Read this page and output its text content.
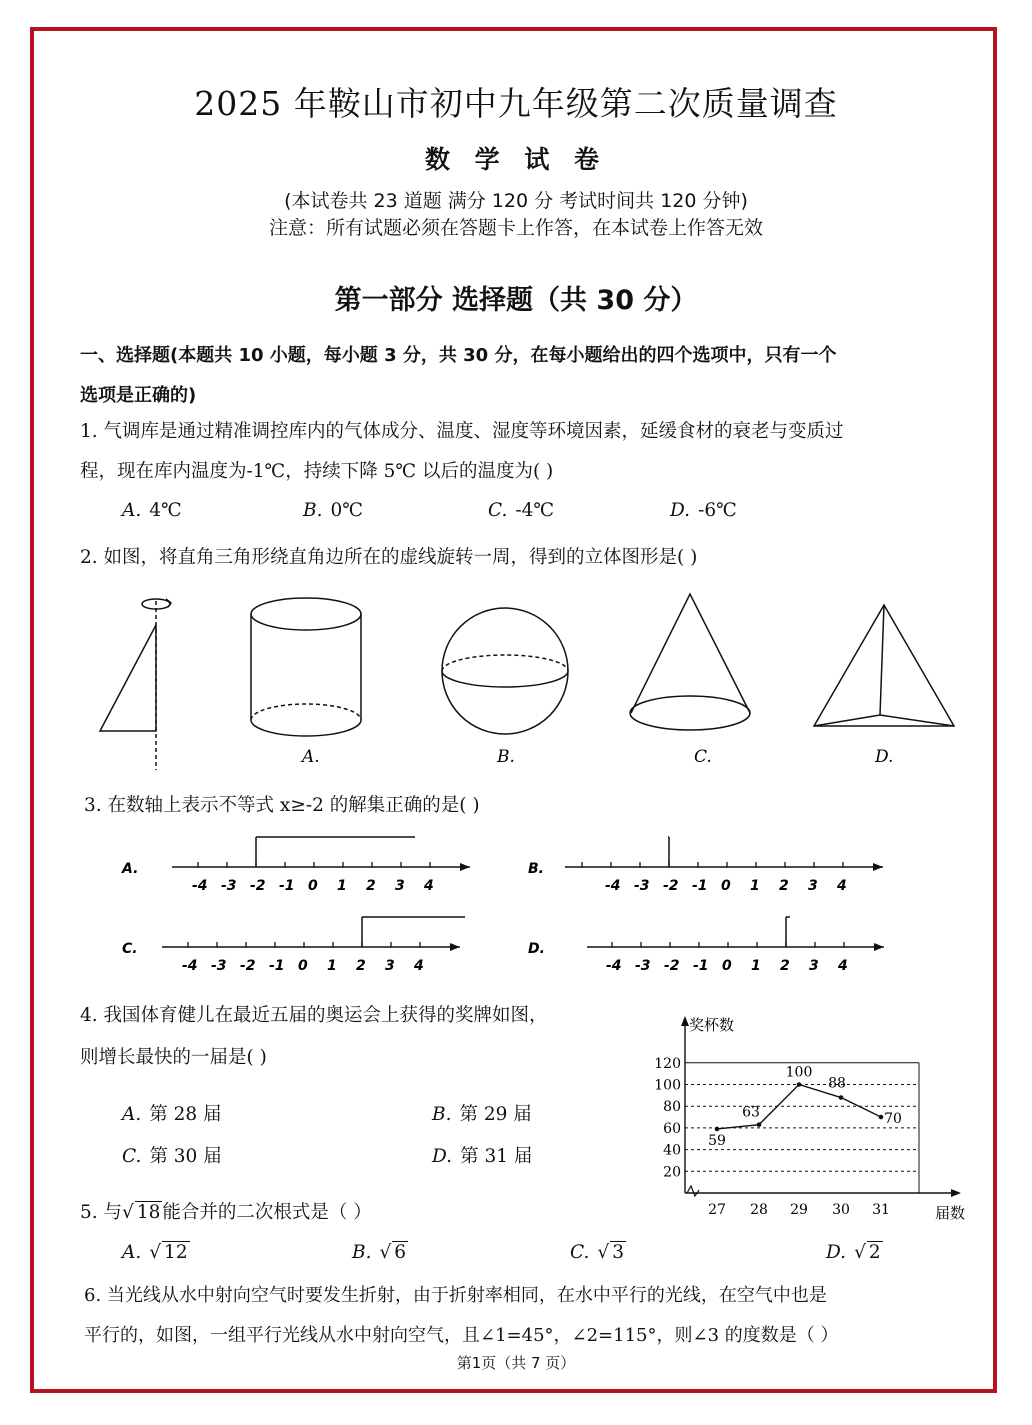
2025 年鞍山市初中九年级第二次质量调查
数 学 试 卷
(本试卷共 23 道题 满分 120 分 考试时间共 120 分钟)
注意：所有试题必须在答题卡上作答，在本试卷上作答无效
第一部分 选择题（共 30 分）
一、选择题(本题共 10 小题，每小题 3 分，共 30 分，在每小题给出的四个选项中，只有一个
选项是正确的)
1. 气调库是通过精准调控库内的气体成分、温度、湿度等环境因素，延缓食材的衰老与变质过
程，现在库内温度为-1℃，持续下降 5℃ 以后的温度为( )
A. 4℃	B. 0℃	C. -4℃	D. -6℃
2. 如图，将直角三角形绕直角边所在的虚线旋转一周，得到的立体图形是( )
A.	B.	C.	D.
3. 在数轴上表示不等式 x≥-2 的解集正确的是( )
A.	B.
C.	D.
-4 -3 -2 -1 0 1 2 3 4	-4 -3 -2 -1 0 1 2 3 4
-4 -3 -2 -1 0 1 2 3 4	-4 -3 -2 -1 0 1 2 3 4
4. 我国体育健儿在最近五届的奥运会上获得的奖牌如图，
则增长最快的一届是( )
A. 第 28 届	B. 第 29 届
C. 第 30 届	D. 第 31 届
20
40
60
80
100
120
27 28 29 30 31
奖杯数
届数
59
63
100
88
70
5. 与√ 18 能合并的二次根式是（ ）
A. √ 12	B. √ 6	C. √ 3	D. √ 2
6. 当光线从水中射向空气时要发生折射，由于折射率相同，在水中平行的光线，在空气中也是
平行的，如图，一组平行光线从水中射向空气，且∠1=45°，∠2=115°，则∠3 的度数是（ ）
第1页（共 7 页）
